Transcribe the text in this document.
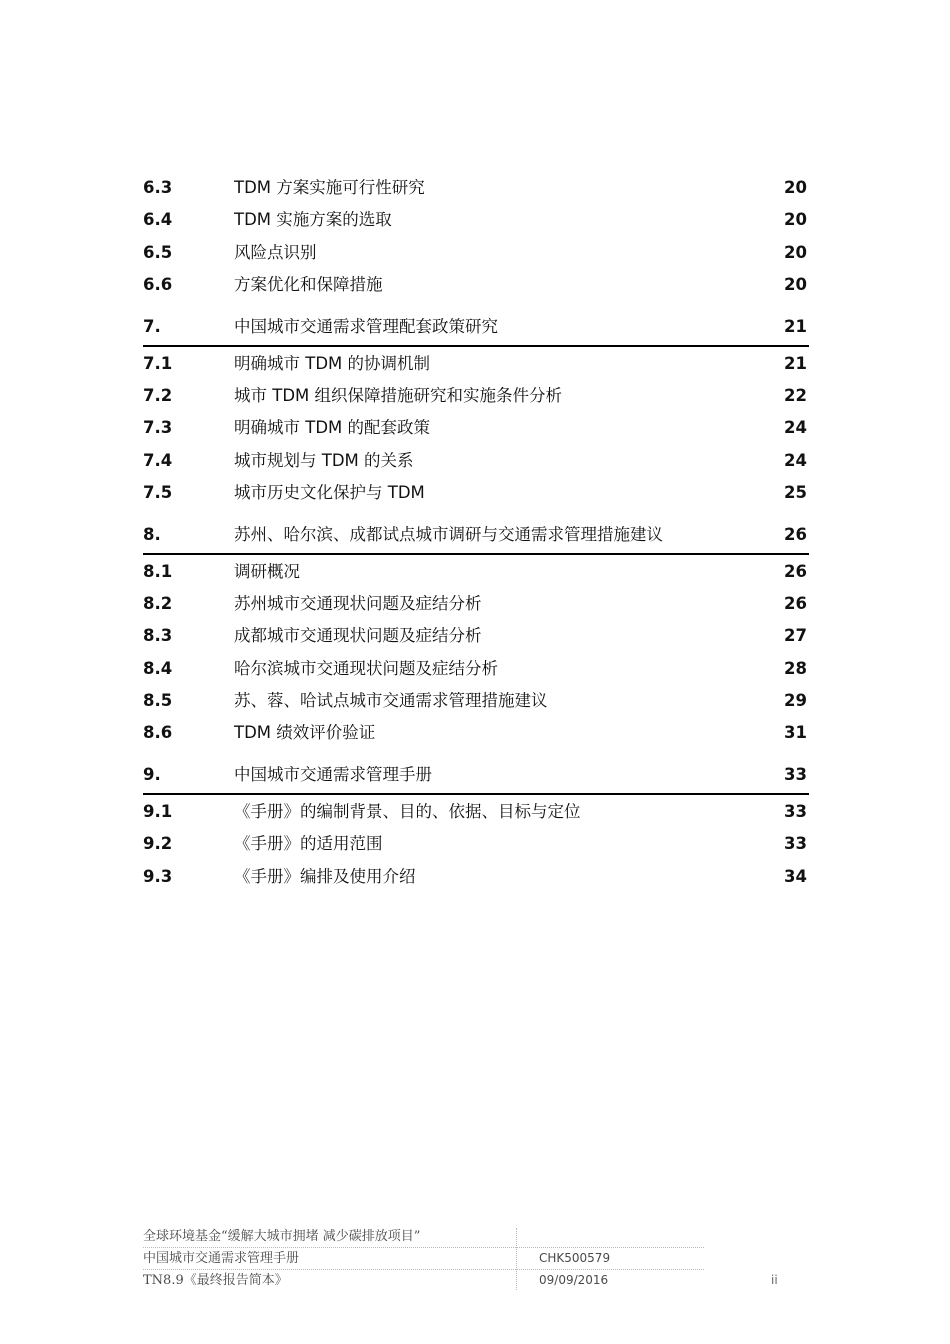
6.3	TDM 方案实施可行性研究	20
6.4	TDM 实施方案的选取	20
6.5	风险点识别	20
6.6	方案优化和保障措施	20
7.	中国城市交通需求管理配套政策研究	21
7.1	明确城市 TDM 的协调机制	21
7.2	城市 TDM 组织保障措施研究和实施条件分析	22
7.3	明确城市 TDM 的配套政策	24
7.4	城市规划与 TDM 的关系	24
7.5	城市历史文化保护与 TDM	25
8.	苏州、哈尔滨、成都试点城市调研与交通需求管理措施建议	26
8.1	调研概况	26
8.2	苏州城市交通现状问题及症结分析	26
8.3	成都城市交通现状问题及症结分析	27
8.4	哈尔滨城市交通现状问题及症结分析	28
8.5	苏、蓉、哈试点城市交通需求管理措施建议	29
8.6	TDM 绩效评价验证	31
9.	中国城市交通需求管理手册	33
9.1	《手册》的编制背景、目的、依据、目标与定位	33
9.2	《手册》的适用范围	33
9.3	《手册》编排及使用介绍	34
全球环境基金“缓解大城市拥堵 减少碳排放项目”
中国城市交通需求管理手册	CHK500579
TN8.9《最终报告简本》	09/09/2016	ii
